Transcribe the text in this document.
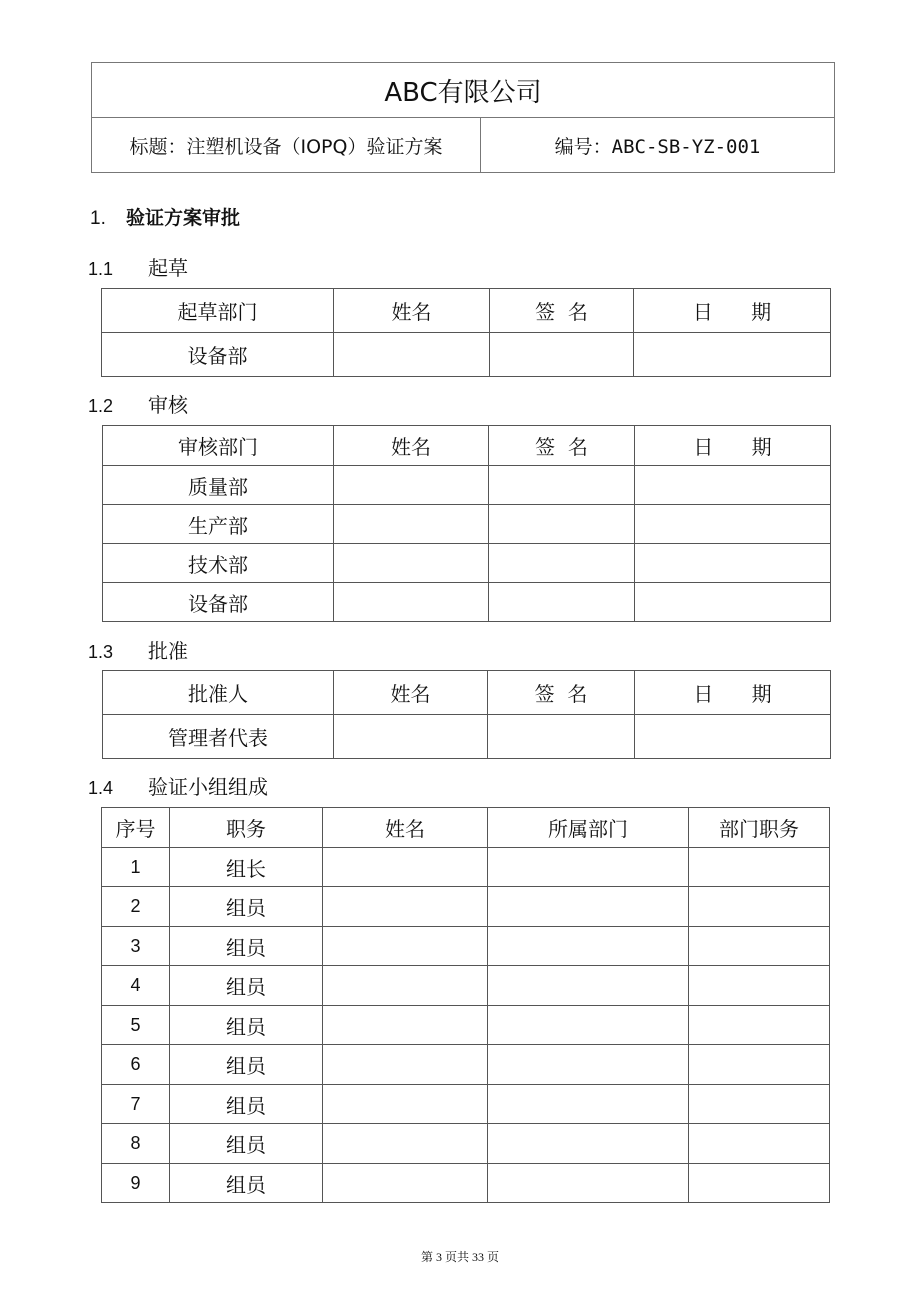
ABC有限公司
标题：注塑机设备（IOPQ）验证方案	编号：ABC-SB-YZ-001
1. 验证方案审批
1.1 起草
起草部门	姓名	签  名	日      期
设备部			
1.2 审核
审核部门	姓名	签  名	日      期
质量部			
生产部			
技术部			
设备部			
1.3 批准
批准人	姓名	签  名	日      期
管理者代表			
1.4 验证小组组成
序号	职务	姓名	所属部门	部门职务
1	组长			
2	组员			
3	组员			
4	组员			
5	组员			
6	组员			
7	组员			
8	组员			
9	组员			
第 3 页共 33 页
